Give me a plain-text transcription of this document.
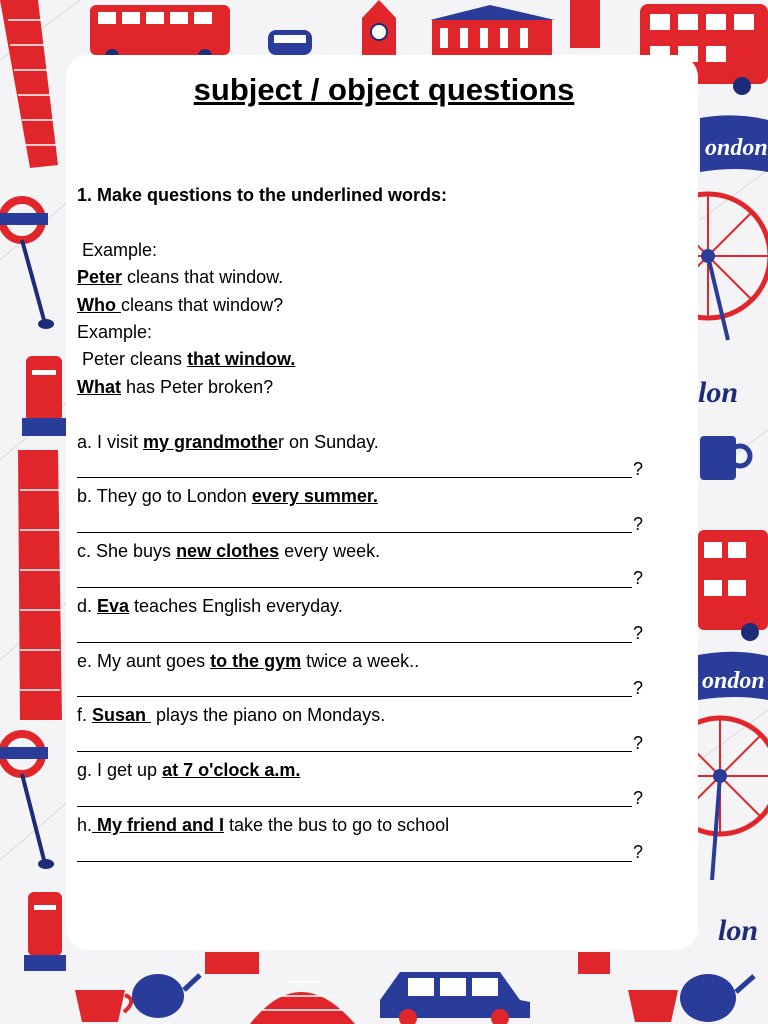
ondon
lon
ondon
lon
subject / object questions
1. Make questions to the underlined words:
Example:
Peter cleans that window.
Who cleans that window?
Example:
Peter cleans that window.
What has Peter broken?
a. I visit my grandmother on Sunday.
?
b. They go to London every summer.
?
c. She buys new clothes every week.
?
d. Eva teaches English everyday.
?
e. My aunt goes to the gym twice a week..
?
f. Susan  plays the piano on Mondays.
?
g. I get up at 7 o'clock a.m.
?
h. My friend and I take the bus to go to school
?
